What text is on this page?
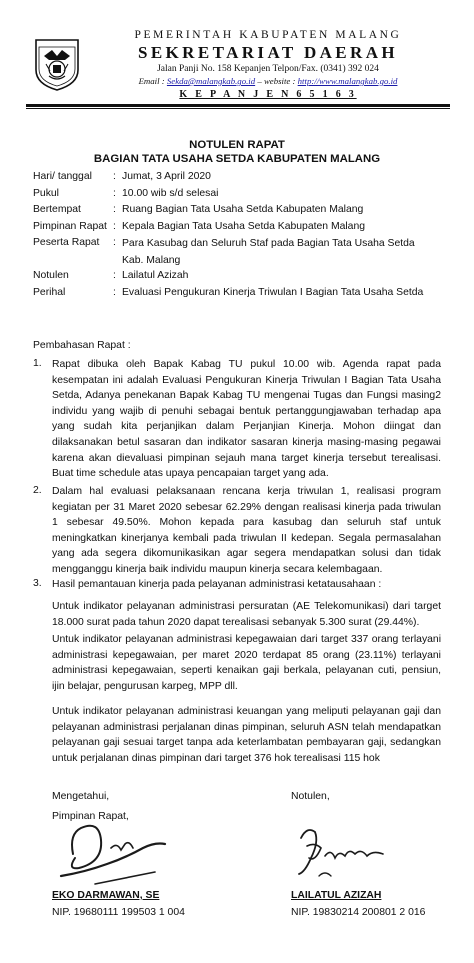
PEMERINTAH KABUPATEN MALANG
SEKRETARIAT DAERAH
Jalan Panji No. 158 Kepanjen Telpon/Fax. (0341) 392 024
Email : Sekda@malangkab.go.id – website : http://www.malangkab.go.id
K E P A N J E N 6 5 1 6 3
NOTULEN RAPAT
BAGIAN TATA USAHA SETDA KABUPATEN MALANG
Hari/ tanggal : Jumat, 3 April 2020
Pukul	: 10.00 wib s/d selesai
Bertempat	: Ruang Bagian Tata Usaha Setda Kabupaten Malang
Pimpinan Rapat : Kepala Bagian Tata Usaha Setda Kabupaten Malang
Peserta Rapat : Para Kasubag dan Seluruh Staf pada Bagian Tata Usaha Setda Kab. Malang
Notulen	: Lailatul Azizah
Perihal	: Evaluasi Pengukuran Kinerja Triwulan I Bagian Tata Usaha Setda
Pembahasan Rapat :
1. Rapat dibuka oleh Bapak Kabag TU pukul 10.00 wib. Agenda rapat pada kesempatan ini adalah Evaluasi Pengukuran Kinerja Triwulan I Bagian Tata Usaha Setda, Adanya penekanan Bapak Kabag TU mengenai Tugas dan Fungsi masing2 individu yang wajib di penuhi sebagai bentuk pertanggungjawaban terhadap apa yang sudah kita perjanjikan dalam Perjanjian Kinerja. Mohon diingat dan dilaksanakan betul sasaran dan indikator sasaran kinerja masing-masing pegawai karena akan dievaluasi pimpinan sejauh mana target kinerja tersebut terealisasi. Buat time schedule atas upaya pencapaian target yang ada.
2. Dalam hal evaluasi pelaksanaan rencana kerja triwulan 1, realisasi program kegiatan per 31 Maret 2020 sebesar 62.29% dengan realisasi kinerja pada triwulan 1 sebesar 49.50%. Mohon kepada para kasubag dan seluruh staf untuk meningkatkan kinerjanya kembali pada triwulan II kedepan. Segala permasalahan yang ada segera dikomunikasikan agar segera mendapatkan solusi dan tidak mengganggu kinerja baik individu maupun kinerja secara kelembagaan.
3. Hasil pemantauan kinerja pada pelayanan administrasi ketatausahaan :
Untuk indikator pelayanan administrasi persuratan (AE Telekomunikasi) dari target 18.000 surat pada tahun 2020 dapat terealisasi sebanyak 5.300 surat (29.44%).
Untuk indikator pelayanan administrasi kepegawaian dari target 337 orang terlayani administrasi kepegawaian, per maret 2020 terdapat 85 orang (23.11%) terlayani administrasi kepegawaian, seperti kenaikan gaji berkala, pelayanan cuti, pensiun, ijin belajar, pengurusan karpeg, MPP dll.
Untuk indikator pelayanan administrasi keuangan yang meliputi pelayanan gaji dan pelayanan administrasi perjalanan dinas pimpinan, seluruh ASN telah mendapatkan pelayanan gaji sesuai target tanpa ada keterlambatan pembayaran gaji, sedangkan untuk perjalanan dinas pimpinan dari target 376 hok terealisasi 115 hok
Mengetahui,
Pimpinan Rapat,
EKO DARMAWAN, SE
NIP. 19680111 199503 1 004
Notulen,
LAILATUL AZIZAH
NIP. 19830214 200801 2 016
